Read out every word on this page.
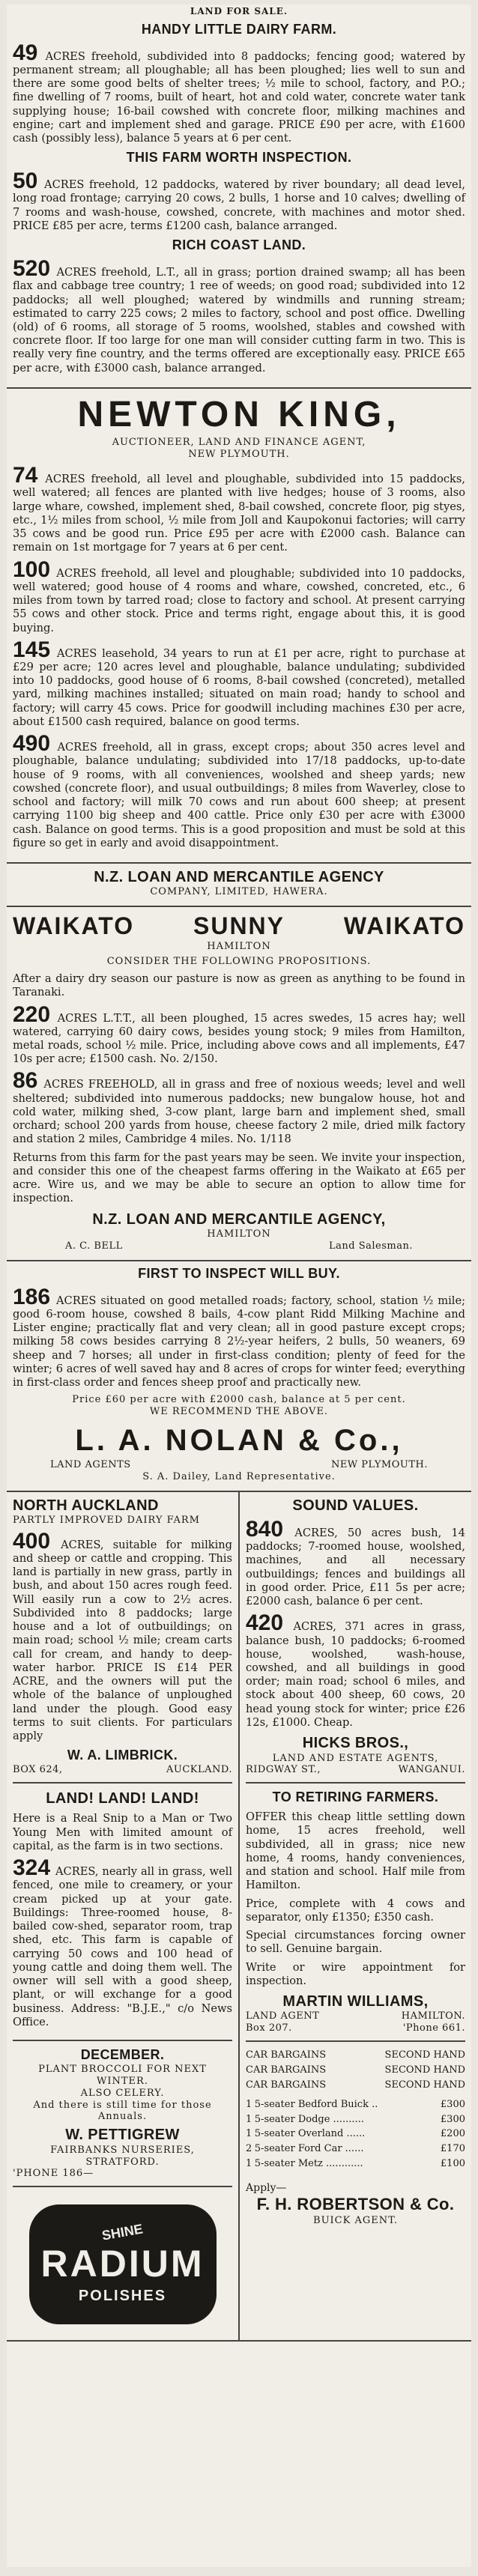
LAND FOR SALE.
HANDY LITTLE DAIRY FARM.
49 ACRES freehold, subdivided into 8 paddocks; fencing good; watered by permanent stream; all ploughable; all has been ploughed; lies well to sun and there are some good belts of shelter trees; ½ mile to school, factory, and P.O.; fine dwelling of 7 rooms, built of heart, hot and cold water, concrete water tank supplying house; 16-bail cowshed with concrete floor, milking machines and engine; cart and implement shed and garage. PRICE £90 per acre, with £1600 cash (possibly less), balance 5 years at 6 per cent.
THIS FARM WORTH INSPECTION.
50 ACRES freehold, 12 paddocks, watered by river boundary; all dead level, long road frontage; carrying 20 cows, 2 bulls, 1 horse and 10 calves; dwelling of 7 rooms and wash-house, cowshed, concrete, with machines and motor shed. PRICE £85 per acre, terms £1200 cash, balance arranged.
RICH COAST LAND.
520 ACRES freehold, L.T., all in grass; portion drained swamp; all has been flax and cabbage tree country; 1 ree of weeds; on good road; subdivided into 12 paddocks; all well ploughed; watered by windmills and running stream; estimated to carry 225 cows; 2 miles to factory, school and post office. Dwelling (old) of 6 rooms, all storage of 5 rooms, woolshed, stables and cowshed with concrete floor. If too large for one man will consider cutting farm in two. This is really very fine country, and the terms offered are exceptionally easy. PRICE £65 per acre, with £3000 cash, balance arranged.
NEWTON KING,
AUCTIONEER, LAND AND FINANCE AGENT,
NEW PLYMOUTH.
74 ACRES freehold, all level and ploughable, subdivided into 15 paddocks, well watered; all fences are planted with live hedges; house of 3 rooms, also large whare, cowshed, implement shed, 8-bail cowshed, concrete floor, pig styes, etc., 1½ miles from school, ½ mile from Joll and Kaupokonui factories; will carry 35 cows and be good run. Price £95 per acre with £2000 cash. Balance can remain on 1st mortgage for 7 years at 6 per cent.
100 ACRES freehold, all level and ploughable; subdivided into 10 paddocks, well watered; good house of 4 rooms and whare, cowshed, concreted, etc., 6 miles from town by tarred road; close to factory and school. At present carrying 55 cows and other stock. Price and terms right, engage about this, it is good buying.
145 ACRES leasehold, 34 years to run at £1 per acre, right to purchase at £29 per acre; 120 acres level and ploughable, balance undulating; subdivided into 10 paddocks, good house of 6 rooms, 8-bail cowshed (concreted), metalled yard, milking machines installed; situated on main road; handy to school and factory; will carry 45 cows. Price for goodwill including machines £30 per acre, about £1500 cash required, balance on good terms.
490 ACRES freehold, all in grass, except crops; about 350 acres level and ploughable, balance undulating; subdivided into 17/18 paddocks, up-to-date house of 9 rooms, with all conveniences, woolshed and sheep yards; new cowshed (concrete floor), and usual outbuildings; 8 miles from Waverley, close to school and factory; will milk 70 cows and run about 600 sheep; at present carrying 1100 big sheep and 400 cattle. Price only £30 per acre with £3000 cash. Balance on good terms. This is a good proposition and must be sold at this figure so get in early and avoid disappointment.
N.Z. LOAN AND MERCANTILE AGENCY
COMPANY, LIMITED, HAWERA.
WAIKATO SUNNY WAIKATO
HAMILTON
CONSIDER THE FOLLOWING PROPOSITIONS.
After a dairy dry season our pasture is now as green as anything to be found in Taranaki.
220 ACRES L.T.T., all been ploughed, 15 acres swedes, 15 acres hay; well watered, carrying 60 dairy cows, besides young stock; 9 miles from Hamilton, metal roads, school ½ mile. Price, including above cows and all implements, £47 10s per acre; £1500 cash. No. 2/150.
86 ACRES FREEHOLD, all in grass and free of noxious weeds; level and well sheltered; subdivided into numerous paddocks; new bungalow house, hot and cold water, milking shed, 3-cow plant, large barn and implement shed, small orchard; school 200 yards from house, cheese factory 2 mile, dried milk factory and station 2 miles, Cambridge 4 miles. No. 1/118
Returns from this farm for the past years may be seen. We invite your inspection, and consider this one of the cheapest farms offering in the Waikato at £65 per acre. Wire us, and we may be able to secure an option to allow time for inspection.
N.Z. LOAN AND MERCANTILE AGENCY,
HAMILTON
A. C. BELL	Land Salesman.
FIRST TO INSPECT WILL BUY.
186 ACRES situated on good metalled roads; factory, school, station ½ mile; good 6-room house, cowshed 8 bails, 4-cow plant Ridd Milking Machine and Lister engine; practically flat and very clean; all in good pasture except crops; milking 58 cows besides carrying 8 2½-year heifers, 2 bulls, 50 weaners, 69 sheep and 7 horses; all under in first-class condition; plenty of feed for the winter; 6 acres of well saved hay and 8 acres of crops for winter feed; everything in first-class order and fences sheep proof and practically new.
Price £60 per acre with £2000 cash, balance at 5 per cent.
WE RECOMMEND THE ABOVE.
L. A. NOLAN & Co.,
LAND AGENTS	NEW PLYMOUTH.
S. A. Dailey, Land Representative.
NORTH AUCKLAND
PARTLY IMPROVED DAIRY FARM
400 ACRES, suitable for milking and sheep or cattle and cropping. This land is partially in new grass, partly in bush, and about 150 acres rough feed. Will easily run a cow to 2½ acres. Subdivided into 8 paddocks; large house and a lot of outbuildings; on main road; school ½ mile; cream carts call for cream, and handy to deep-water harbor. PRICE IS £14 PER ACRE, and the owners will put the whole of the balance of unploughed land under the plough. Good easy terms to suit clients. For particulars apply
W. A. LIMBRICK.
BOX 624,	AUCKLAND.
LAND! LAND! LAND!
Here is a Real Snip to a Man or Two Young Men with limited amount of capital, as the farm is in two sections.
324 ACRES, nearly all in grass, well fenced, one mile to creamery, or your cream picked up at your gate. Buildings: Three-roomed house, 8-bailed cow-shed, separator room, trap shed, etc. This farm is capable of carrying 50 cows and 100 head of young cattle and doing them well. The owner will sell with a good sheep, plant, or will exchange for a good business. Address: "B.J.E.," c/o News Office.
DECEMBER.
PLANT BROCCOLI FOR NEXT WINTER.
ALSO CELERY.
And there is still time for those Annuals.
W. PETTIGREW
FAIRBANKS NURSERIES,
STRATFORD.
'PHONE 186—
SHINE
RADIUM
POLISHES
SOUND VALUES.
840 ACRES, 50 acres bush, 14 paddocks; 7-roomed house, woolshed, machines, and all necessary outbuildings; fences and buildings all in good order. Price, £11 5s per acre; £2000 cash, balance 6 per cent.
420 ACRES, 371 acres in grass, balance bush, 10 paddocks; 6-roomed house, woolshed, wash-house, cowshed, and all buildings in good order; main road; school 6 miles, and stock about 400 sheep, 60 cows, 20 head young stock for winter; price £26 12s, £1000. Cheap.
HICKS BROS.,
LAND AND ESTATE AGENTS,
RIDGWAY ST.,	WANGANUI.
TO RETIRING FARMERS.
OFFER this cheap little settling down home, 15 acres freehold, well subdivided, all in grass; nice new home, 4 rooms, handy conveniences, and station and school. Half mile from Hamilton.
Price, complete with 4 cows and separator, only £1350; £350 cash.
Special circumstances forcing owner to sell. Genuine bargain.
Write or wire appointment for inspection.
MARTIN WILLIAMS,
LAND AGENT	HAMILTON.
Box 207.	'Phone 661.
CAR BARGAINS	SECOND HAND
CAR BARGAINS	SECOND HAND
CAR BARGAINS	SECOND HAND
1	5-seater Bedford Buick ..	£300
1	5-seater Dodge ..........	£300
1	5-seater Overland ......	£200
2	5-seater Ford Car ......	£170
1	5-seater Metz ............	£100
Apply—
F. H. ROBERTSON & Co.
BUICK AGENT.
